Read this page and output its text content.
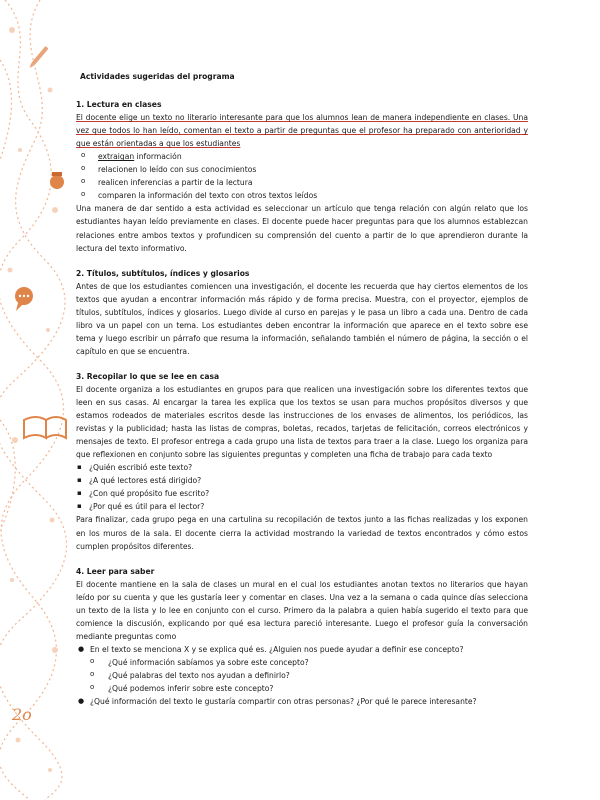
2o
Actividades sugeridas del programa
1. Lectura en clases

El docente elige un texto no literario interesante para que los alumnos lean de manera independiente en clases. Una vez que todos lo han leído, comentan el texto a partir de preguntas que el profesor ha preparado con anterioridad y que están orientadas a que los estudiantes

o extraigan información
o relacionen lo leído con sus conocimientos
o realicen inferencias a partir de la lectura
o comparen la información del texto con otros textos leídos

Una manera de dar sentido a esta actividad es seleccionar un artículo que tenga relación con algún relato que los estudiantes hayan leído previamente en clases. El docente puede hacer preguntas para que los alumnos establezcan relaciones entre ambos textos y profundicen su comprensión del cuento a partir de lo que aprendieron durante la lectura del texto informativo.

2. Títulos, subtítulos, índices y glosarios

Antes de que los estudiantes comiencen una investigación, el docente les recuerda que hay ciertos elementos de los textos que ayudan a encontrar información más rápido y de forma precisa. Muestra, con el proyector, ejemplos de títulos, subtítulos, índices y glosarios. Luego divide al curso en parejas y le pasa un libro a cada una. Dentro de cada libro va un papel con un tema. Los estudiantes deben encontrar la información que aparece en el texto sobre ese tema y luego escribir un párrafo que resuma la información, señalando también el número de página, la sección o el capítulo en que se encuentra.

3. Recopilar lo que se lee en casa

El docente organiza a los estudiantes en grupos para que realicen una investigación sobre los diferentes textos que leen en sus casas. Al encargar la tarea les explica que los textos se usan para muchos propósitos diversos y que estamos rodeados de materiales escritos desde las instrucciones de los envases de alimentos, los periódicos, las revistas y la publicidad; hasta las listas de compras, boletas, recados, tarjetas de felicitación, correos electrónicos y mensajes de texto. El profesor entrega a cada grupo una lista de textos para traer a la clase. Luego los organiza para que reflexionen en conjunto sobre las siguientes preguntas y completen una ficha de trabajo para cada texto

▪ ¿Quién escribió este texto?
▪ ¿A qué lectores está dirigido?
▪ ¿Con qué propósito fue escrito?
▪ ¿Por qué es útil para el lector?

Para finalizar, cada grupo pega en una cartulina su recopilación de textos junto a las fichas realizadas y los exponen en los muros de la sala. El docente cierra la actividad mostrando la variedad de textos encontrados y cómo estos cumplen propósitos diferentes.

4. Leer para saber

El docente mantiene en la sala de clases un mural en el cual los estudiantes anotan textos no literarios que hayan leído por su cuenta y que les gustaría leer y comentar en clases. Una vez a la semana o cada quince días selecciona un texto de la lista y lo lee en conjunto con el curso. Primero da la palabra a quien había sugerido el texto para que comience la discusión, explicando por qué esa lectura pareció interesante. Luego el profesor guía la conversación mediante preguntas como

● En el texto se menciona X y se explica qué es. ¿Alguien nos puede ayudar a definir ese concepto?
o ¿Qué información sabíamos ya sobre este concepto?
o ¿Qué palabras del texto nos ayudan a definirlo?
o ¿Qué podemos inferir sobre este concepto?
● ¿Qué información del texto le gustaría compartir con otras personas? ¿Por qué le parece interesante?
